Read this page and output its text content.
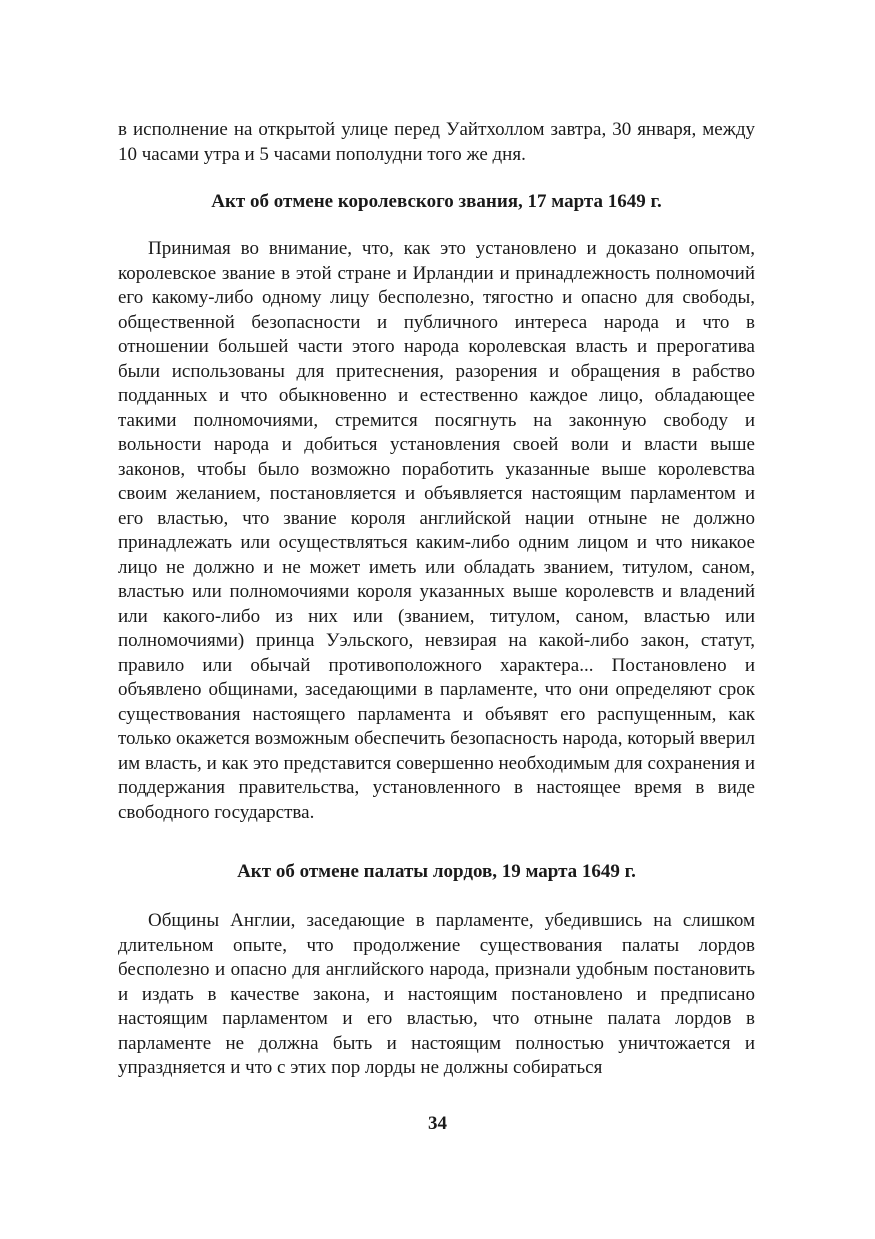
в исполнение на открытой улице перед Уайтхоллом завтра, 30 января, между 10 часами утра и 5 часами пополудни того же дня.

Акт об отмене королевского звания, 17 марта 1649 г.

Принимая во внимание, что, как это установлено и доказано опытом, королевское звание в этой стране и Ирландии и принадлежность полномочий его какому-либо одному лицу бесполезно, тягостно и опасно для свободы, общественной безопасности и публичного интереса народа и что в отношении большей части этого народа королевская власть и прерогатива были использованы для притеснения, разорения и обращения в рабство подданных и что обыкновенно и естественно каждое лицо, обладающее такими полномочиями, стремится посягнуть на законную свободу и вольности народа и добиться установления своей воли и власти выше законов, чтобы было возможно поработить указанные выше королевства своим желанием, постановляется и объявляется настоящим парламентом и его властью, что звание короля английской нации отныне не должно принадлежать или осуществляться каким-либо одним лицом и что никакое лицо не должно и не может иметь или обладать званием, титулом, саном, властью или полномочиями короля указанных выше королевств и владений или какого-либо из них или (званием, титулом, саном, властью или полномочиями) принца Уэльского, невзирая на какой-либо закон, статут, правило или обычай противоположного характера... Постановлено и объявлено общинами, заседающими в парламенте, что они определяют срок существования настоящего парламента и объявят его распущенным, как только окажется возможным обеспечить безопасность народа, который вверил им власть, и как это представится совершенно необходимым для сохранения и поддержания правительства, установленного в настоящее время в виде свободного государства.

Акт об отмене палаты лордов, 19 марта 1649 г.

Общины Англии, заседающие в парламенте, убедившись на слишком длительном опыте, что продолжение существования палаты лордов бесполезно и опасно для английского народа, признали удобным постановить и издать в качестве закона, и настоящим постановлено и предписано настоящим парламентом и его властью, что отныне палата лордов в парламенте не должна быть и настоящим полностью уничтожается и упраздняется и что с этих пор лорды не должны собираться

34
